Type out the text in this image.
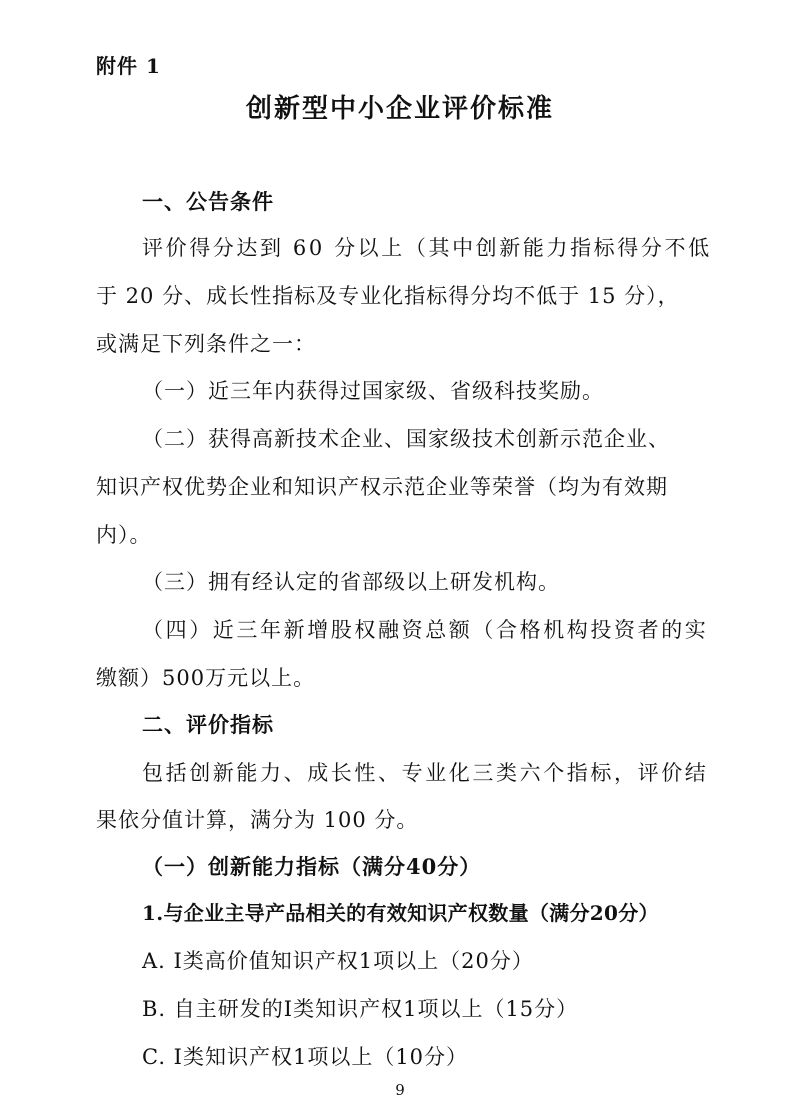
附件 1
创新型中小企业评价标准
一、公告条件
评价得分达到 60 分以上（其中创新能力指标得分不低
于 20 分、成长性指标及专业化指标得分均不低于 15 分），
或满足下列条件之一：
（一）近三年内获得过国家级、省级科技奖励。
（二）获得高新技术企业、国家级技术创新示范企业、
知识产权优势企业和知识产权示范企业等荣誉（均为有效期
内）。
（三）拥有经认定的省部级以上研发机构。
（四）近三年新增股权融资总额（合格机构投资者的实
缴额）500万元以上。
二、评价指标
包括创新能力、成长性、专业化三类六个指标，评价结
果依分值计算，满分为 100 分。
（一）创新能力指标（满分40分）
1.与企业主导产品相关的有效知识产权数量（满分20分）
A. Ⅰ类高价值知识产权1项以上（20分）
B. 自主研发的Ⅰ类知识产权1项以上（15分）
C. Ⅰ类知识产权1项以上（10分）
9
